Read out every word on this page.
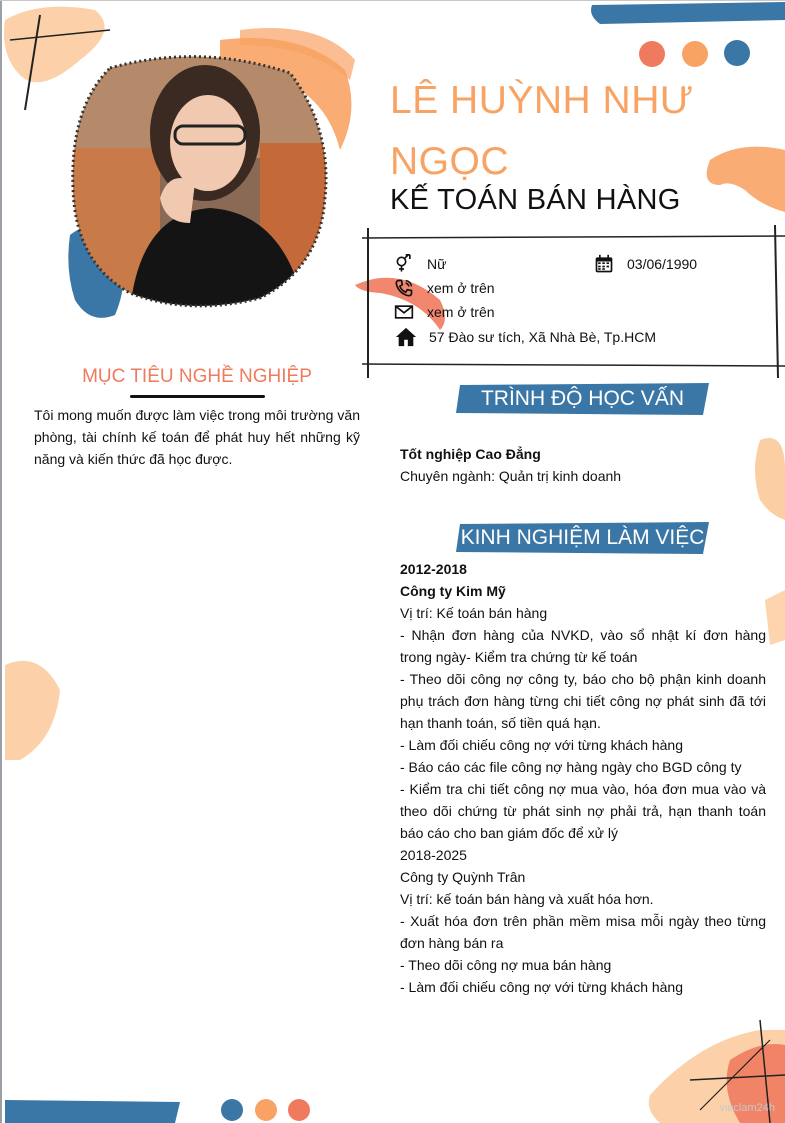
LÊ HUỲNH NHƯ NGỌC
KẾ TOÁN BÁN HÀNG
Nữ	03/06/1990
xem ở trên
xem ở trên
57 Đào sư tích, Xã Nhà Bè, Tp.HCM
MỤC TIÊU NGHỀ NGHIỆP
Tôi mong muốn được làm việc trong môi trường văn phòng, tài chính kế toán để phát huy hết những kỹ năng và kiến thức đã học được.
TRÌNH ĐỘ HỌC VẤN
Tốt nghiệp Cao Đẳng
Chuyên ngành: Quản trị kinh doanh
KINH NGHIỆM LÀM VIỆC
2012-2018
Công ty Kim Mỹ
Vị trí: Kế toán bán hàng
- Nhận đơn hàng của NVKD, vào sổ nhật kí đơn hàng trong ngày- Kiểm tra chứng từ kế toán
- Theo dõi công nợ công ty, báo cho bộ phận kinh doanh phụ trách đơn hàng từng chi tiết công nợ phát sinh đã tới hạn thanh toán, số tiền quá hạn.
- Làm đối chiếu công nợ với từng khách hàng
- Báo cáo các file công nợ hàng ngày cho BGD công ty
- Kiểm tra chi tiết công nợ mua vào, hóa đơn mua vào và theo dõi chứng từ phát sinh nợ phải trả, hạn thanh toán báo cáo cho ban giám đốc để xử lý
2018-2025
Công ty Quỳnh Trân
Vị trí: kế toán bán hàng và xuất hóa hơn.
- Xuất hóa đơn trên phần mềm misa mỗi ngày theo từng đơn hàng bán ra
- Theo dõi công nợ mua bán hàng
- Làm đối chiếu công nợ với từng khách hàng
vieclam24h
